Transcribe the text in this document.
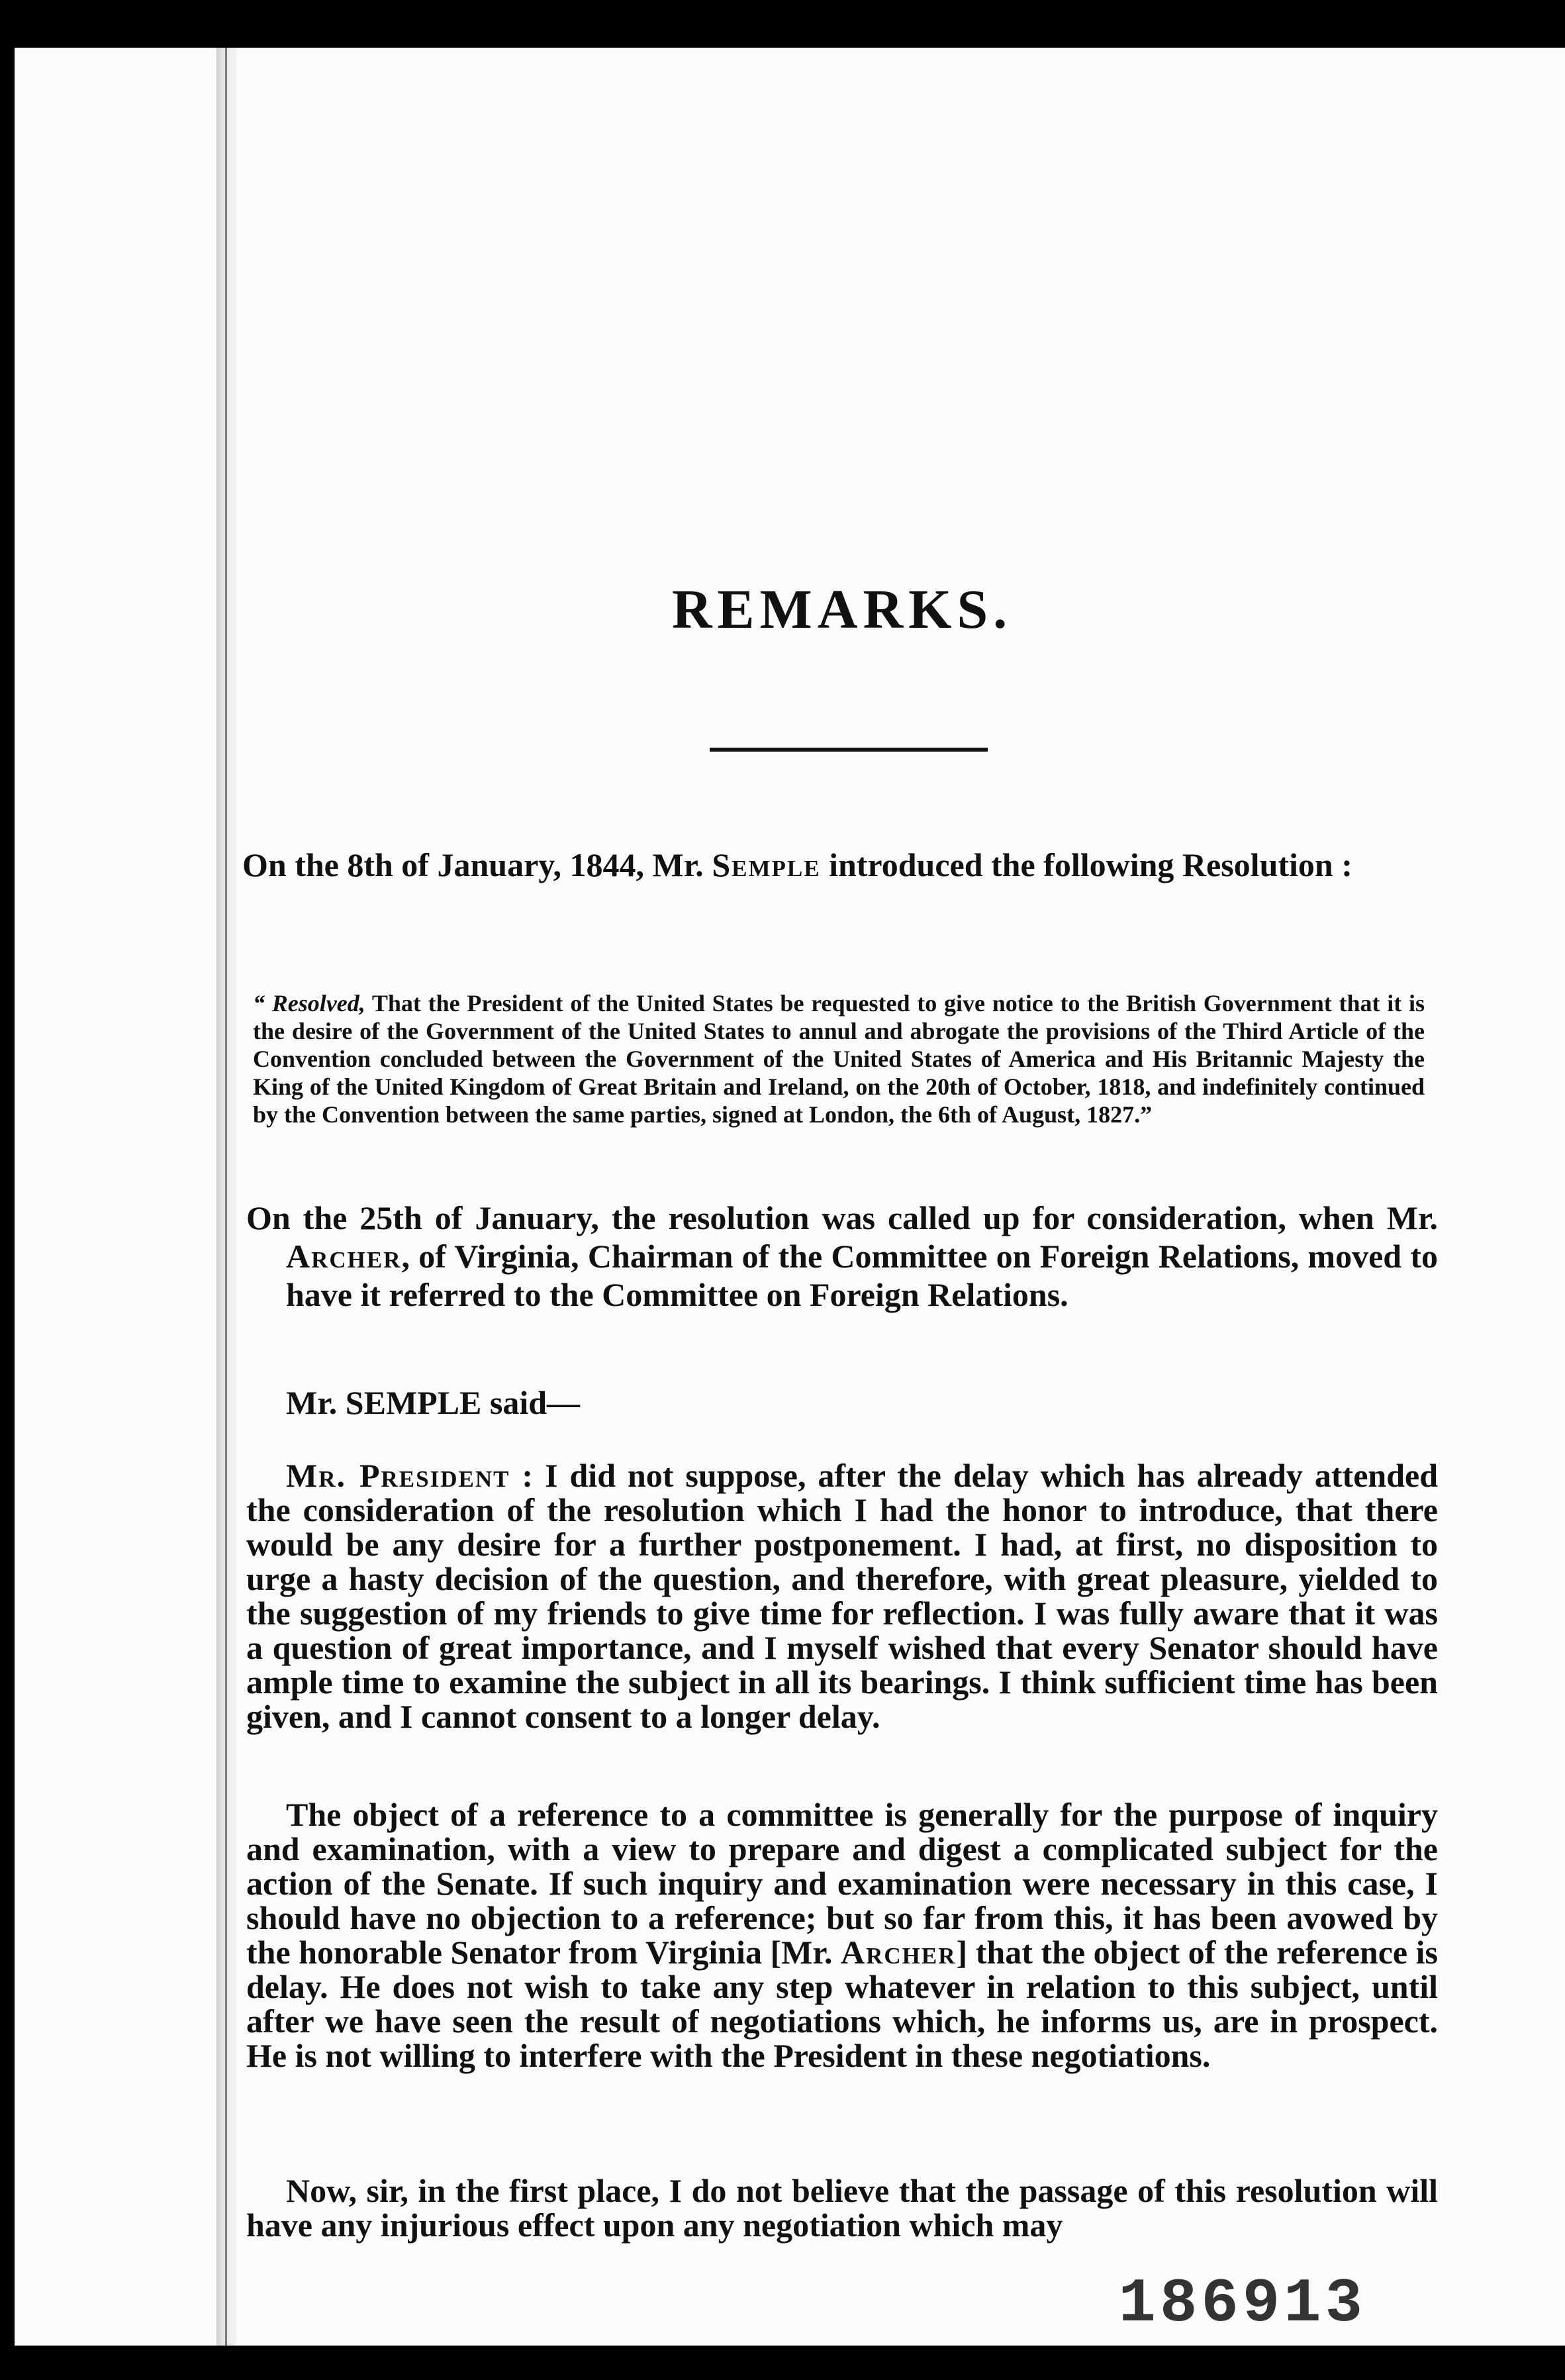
REMARKS.
On the 8th of January, 1844, Mr. Semple introduced the following Resolution :
“ Resolved, That the President of the United States be requested to give notice to the British Government that it is the desire of the Government of the United States to annul and abrogate the provisions of the Third Article of the Convention concluded between the Government of the United States of America and His Britannic Majesty the King of the United Kingdom of Great Britain and Ireland, on the 20th of October, 1818, and indefinitely continued by the Convention between the same parties, signed at London, the 6th of August, 1827.”
On the 25th of January, the resolution was called up for consideration, when Mr. Archer, of Virginia, Chairman of the Committee on Foreign Relations, moved to have it referred to the Committee on Foreign Relations.
Mr. SEMPLE said—
Mr. President : I did not suppose, after the delay which has already attended the consideration of the resolution which I had the honor to introduce, that there would be any desire for a further postponement. I had, at first, no disposition to urge a hasty decision of the question, and therefore, with great pleasure, yielded to the suggestion of my friends to give time for reflection. I was fully aware that it was a question of great importance, and I myself wished that every Senator should have ample time to examine the subject in all its bearings. I think sufficient time has been given, and I cannot consent to a longer delay.
The object of a reference to a committee is generally for the purpose of inquiry and examination, with a view to prepare and digest a complicated subject for the action of the Senate. If such inquiry and examination were necessary in this case, I should have no objection to a reference; but so far from this, it has been avowed by the honorable Senator from Virginia [Mr. Archer] that the object of the reference is delay. He does not wish to take any step whatever in relation to this subject, until after we have seen the result of negotiations which, he informs us, are in prospect. He is not willing to interfere with the President in these negotiations.
Now, sir, in the first place, I do not believe that the passage of this resolution will have any injurious effect upon any negotiation which may
186913
